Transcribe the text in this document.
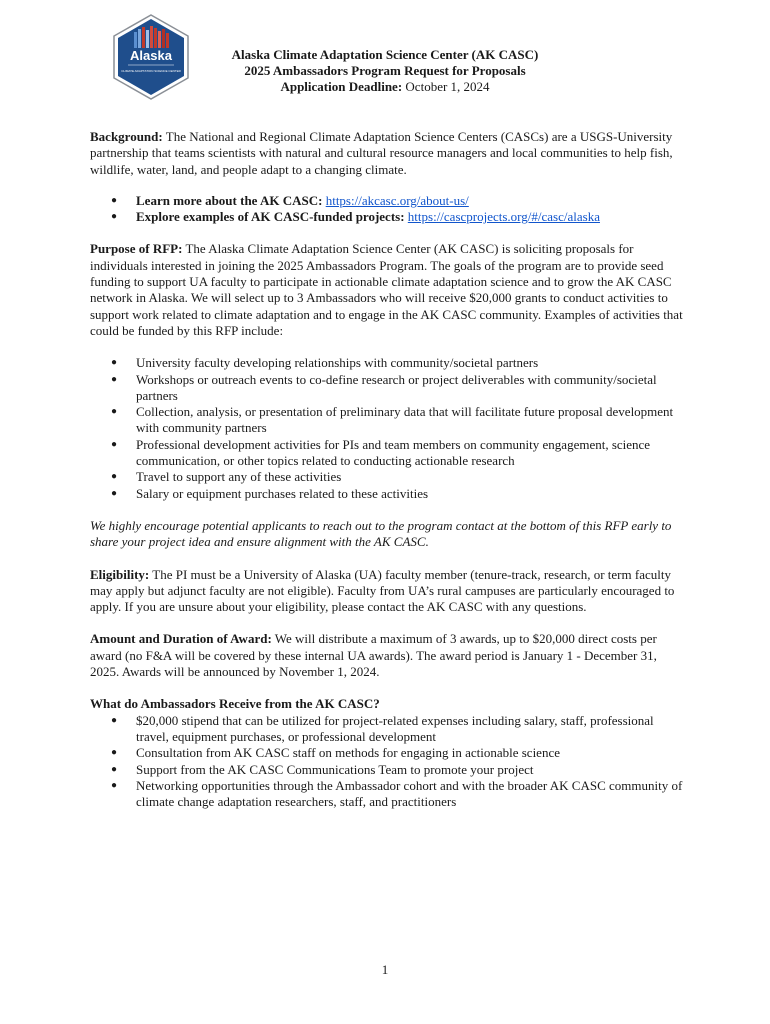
Alaska
CLIMATE ADAPTATION SCIENCE CENTER
Alaska Climate Adaptation Science Center (AK CASC)
2025 Ambassadors Program Request for Proposals
Application Deadline: October 1, 2024

Background: The National and Regional Climate Adaptation Science Centers (CASCs) are a USGS-University partnership that teams scientists with natural and cultural resource managers and local communities to help fish, wildlife, water, land, and people adapt to a changing climate.

● Learn more about the AK CASC: https://akcasc.org/about-us/
● Explore examples of AK CASC-funded projects: https://cascprojects.org/#/casc/alaska

Purpose of RFP: The Alaska Climate Adaptation Science Center (AK CASC) is soliciting proposals for individuals interested in joining the 2025 Ambassadors Program. The goals of the program are to provide seed funding to support UA faculty to participate in actionable climate adaptation science and to grow the AK CASC network in Alaska. We will select up to 3 Ambassadors who will receive $20,000 grants to conduct activities to support work related to climate adaptation and to engage in the AK CASC community. Examples of activities that could be funded by this RFP include:

● University faculty developing relationships with community/societal partners
● Workshops or outreach events to co-define research or project deliverables with community/societal partners
● Collection, analysis, or presentation of preliminary data that will facilitate future proposal development with community partners
● Professional development activities for PIs and team members on community engagement, science communication, or other topics related to conducting actionable research
● Travel to support any of these activities
● Salary or equipment purchases related to these activities

We highly encourage potential applicants to reach out to the program contact at the bottom of this RFP early to share your project idea and ensure alignment with the AK CASC.

Eligibility: The PI must be a University of Alaska (UA) faculty member (tenure-track, research, or term faculty may apply but adjunct faculty are not eligible). Faculty from UA’s rural campuses are particularly encouraged to apply. If you are unsure about your eligibility, please contact the AK CASC with any questions.

Amount and Duration of Award: We will distribute a maximum of 3 awards, up to $20,000 direct costs per award (no F&A will be covered by these internal UA awards). The award period is January 1 - December 31, 2025. Awards will be announced by November 1, 2024.

What do Ambassadors Receive from the AK CASC?

● $20,000 stipend that can be utilized for project-related expenses including salary, staff, professional travel, equipment purchases, or professional development
● Consultation from AK CASC staff on methods for engaging in actionable science
● Support from the AK CASC Communications Team to promote your project
● Networking opportunities through the Ambassador cohort and with the broader AK CASC community of climate change adaptation researchers, staff, and practitioners
1
